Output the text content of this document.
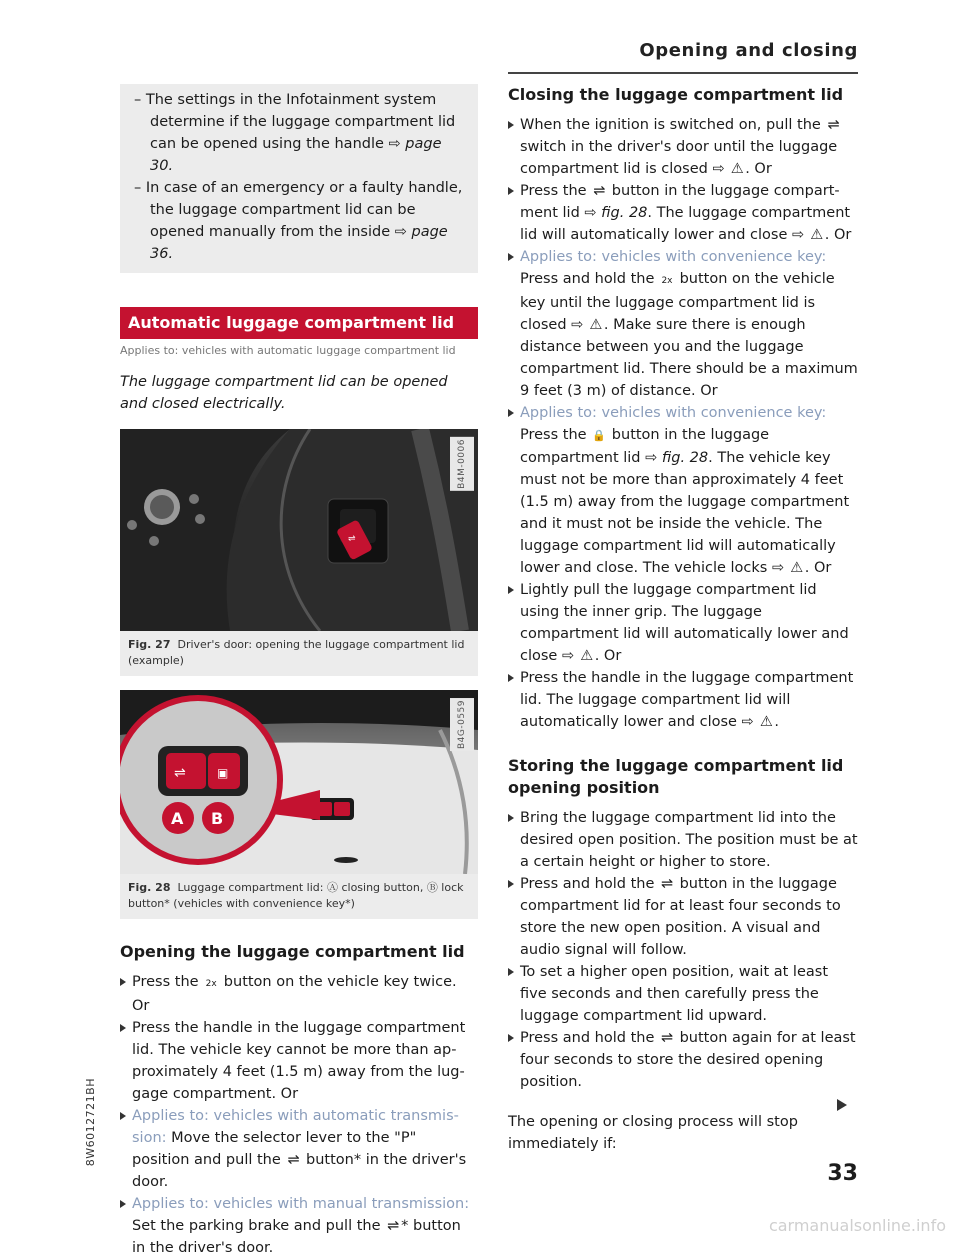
Opening and closing

– The settings in the Infotainment system determine if the luggage compartment lid can be opened using the handle ⇨ page 30.

– In case of an emergency or a faulty handle, the luggage compartment lid can be opened manually from the inside ⇨ page 36.

Automatic luggage compartment lid
Applies to: vehicles with automatic luggage compartment lid
The luggage compartment lid can be opened and closed electrically.
⇌
B4M-0006
Fig. 27 Driver's door: opening the luggage compartment lid (example)
⇌	▣
A B
B4G-0559
Fig. 28 Luggage compartment lid: Ⓐ closing button, Ⓑ lock button* (vehicles with convenience key*)
Opening the luggage compartment lid
Press the 2x button on the vehicle key twice. Or
Press the handle in the luggage compartment lid. The vehicle key cannot be more than approximately 4 feet (1.5 m) away from the luggage compartment. Or
Applies to: vehicles with automatic transmission: Move the selector lever to the "P" position and pull the ⇌ button* in the driver's door.
Applies to: vehicles with manual transmission: Set the parking brake and pull the ⇌ * button in the driver's door.
Closing the luggage compartment lid
When the ignition is switched on, pull the ⇌ switch in the driver's door until the luggage compartment lid is closed ⇨ ⚠ . Or
Press the ⇌ button in the luggage compartment lid ⇨ fig. 28. The luggage compartment lid will automatically lower and close ⇨ ⚠ . Or
Applies to: vehicles with convenience key: Press and hold the 2x button on the vehicle key until the luggage compartment lid is closed ⇨ ⚠ . Make sure there is enough distance between you and the luggage compartment lid. There should be a maximum 9 feet (3 m) of distance. Or
Applies to: vehicles with convenience key: Press the 🔒 button in the luggage compartment lid ⇨ fig. 28. The vehicle key must not be more than approximately 4 feet (1.5 m) away from the luggage compartment and it must not be inside the vehicle. The luggage compartment lid will automatically lower and close. The vehicle locks ⇨ ⚠ . Or
Lightly pull the luggage compartment lid using the inner grip. The luggage compartment lid will automatically lower and close ⇨ ⚠ . Or
Press the handle in the luggage compartment lid. The luggage compartment lid will automatically lower and close ⇨ ⚠ .
Storing the luggage compartment lid opening position
Bring the luggage compartment lid into the desired open position. The position must be at a certain height or higher to store.
Press and hold the ⇌ button in the luggage compartment lid for at least four seconds to store the new open position. A visual and audio signal will follow.
To set a higher open position, wait at least five seconds and then carefully press the luggage compartment lid upward.
Press and hold the ⇌ button again for at least four seconds to store the desired opening position.

The opening or closing process will stop immediately if:

8W6012721BH
33
carmanualsonline.info
